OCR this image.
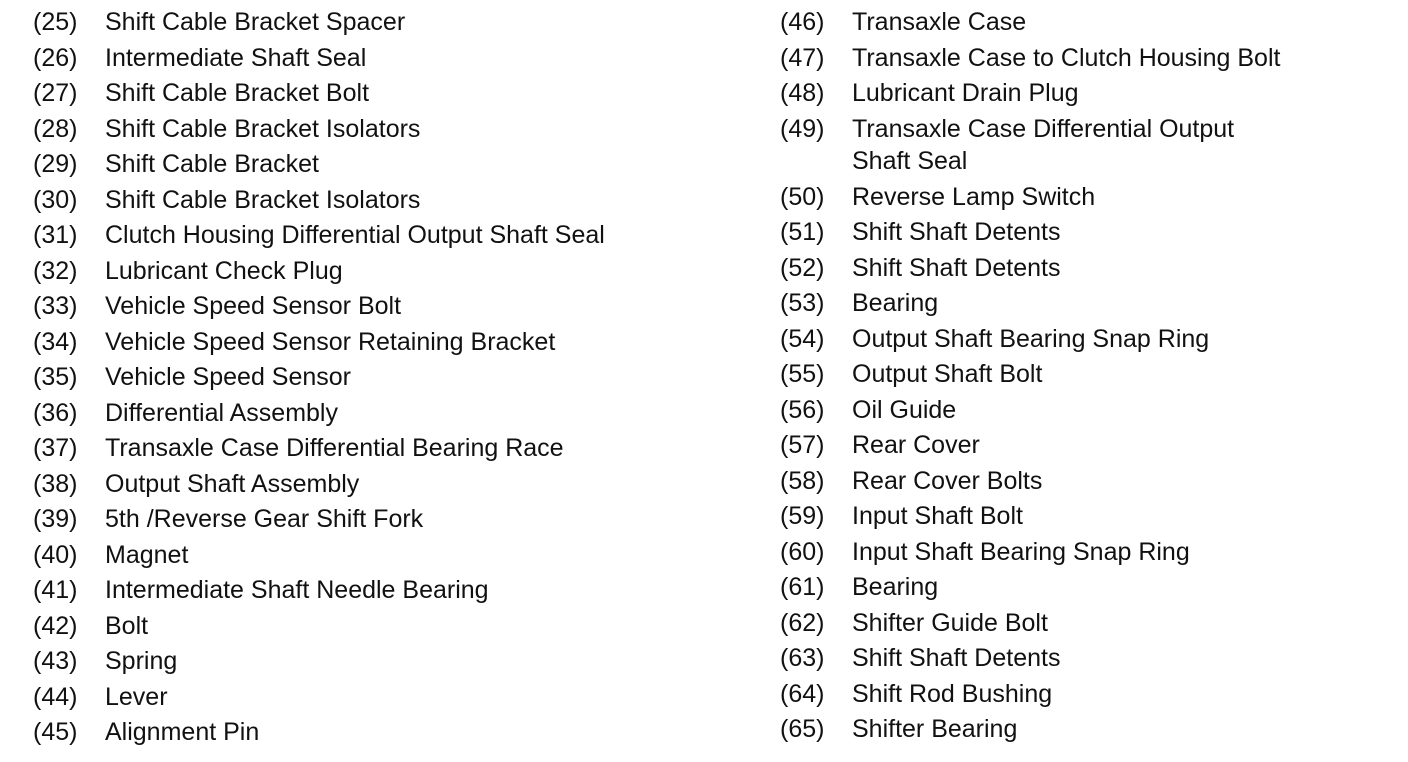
(25)	Shift Cable Bracket Spacer
(26)	Intermediate Shaft Seal
(27)	Shift Cable Bracket Bolt
(28)	Shift Cable Bracket Isolators
(29)	Shift Cable Bracket
(30)	Shift Cable Bracket Isolators
(31)	Clutch Housing Differential Output Shaft Seal
(32)	Lubricant Check Plug
(33)	Vehicle Speed Sensor Bolt
(34)	Vehicle Speed Sensor Retaining Bracket
(35)	Vehicle Speed Sensor
(36)	Differential Assembly
(37)	Transaxle Case Differential Bearing Race
(38)	Output Shaft Assembly
(39)	5th /Reverse Gear Shift Fork
(40)	Magnet
(41)	Intermediate Shaft Needle Bearing
(42)	Bolt
(43)	Spring
(44)	Lever
(45)	Alignment Pin
(46)	Transaxle Case
(47)	Transaxle Case to Clutch Housing Bolt
(48)	Lubricant Drain Plug
(49)	Transaxle Case Differential Output
Shaft Seal
(50)	Reverse Lamp Switch
(51)	Shift Shaft Detents
(52)	Shift Shaft Detents
(53)	Bearing
(54)	Output Shaft Bearing Snap Ring
(55)	Output Shaft Bolt
(56)	Oil Guide
(57)	Rear Cover
(58)	Rear Cover Bolts
(59)	Input Shaft Bolt
(60)	Input Shaft Bearing Snap Ring
(61)	Bearing
(62)	Shifter Guide Bolt
(63)	Shift Shaft Detents
(64)	Shift Rod Bushing
(65)	Shifter Bearing
